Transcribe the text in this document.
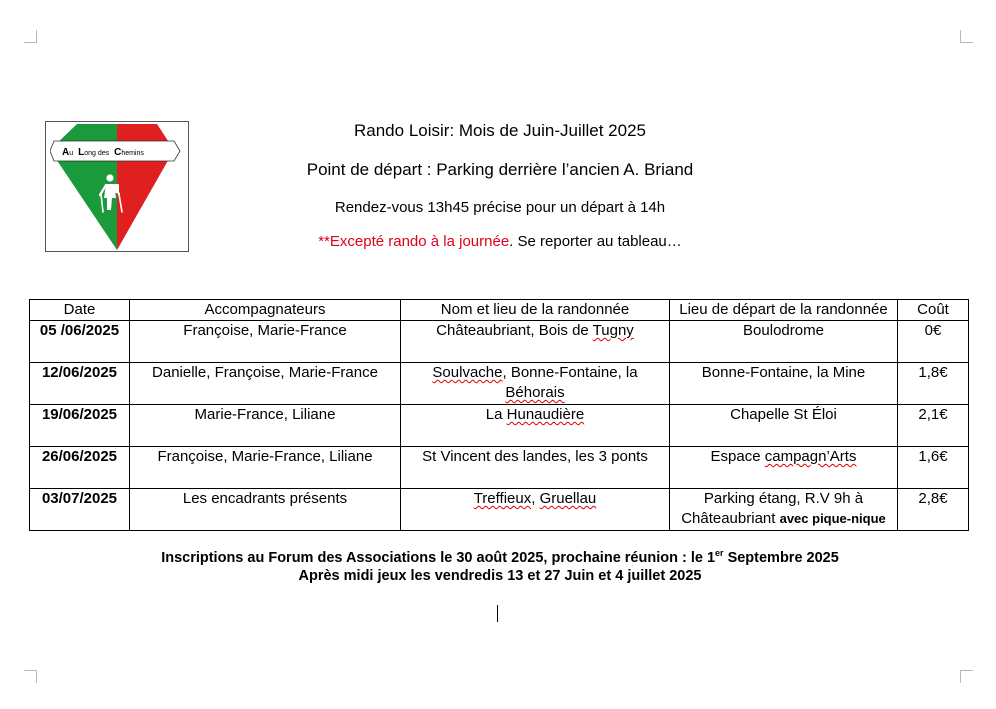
Au Long des Chemins
Rando Loisir: Mois de Juin-Juillet 2025
Point de départ : Parking derrière l’ancien A. Briand
Rendez-vous 13h45 précise pour un départ à 14h
**Excepté rando à la journée. Se reporter au tableau…
Date	Accompagnateurs	Nom et lieu de la randonnée	Lieu de départ de la randonnée	Coût
05 /06/2025	Françoise, Marie-France	Châteaubriant, Bois de Tugny	Boulodrome	0€
12/06/2025	Danielle, Françoise, Marie-France	Soulvache, Bonne-Fontaine, la Béhorais	Bonne-Fontaine, la Mine	1,8€
19/06/2025	Marie-France, Liliane	La Hunaudière	Chapelle St Éloi	2,1€
26/06/2025	Françoise, Marie-France, Liliane	St Vincent des landes, les 3 ponts	Espace campagn’Arts	1,6€
03/07/2025	Les encadrants présents	Treffieux, Gruellau	Parking étang, R.V 9h à Châteaubriant avec pique-nique	2,8€
Inscriptions au Forum des Associations le 30 août 2025, prochaine réunion : le 1er Septembre 2025
Après midi jeux les vendredis 13 et 27 Juin et 4 juillet 2025
